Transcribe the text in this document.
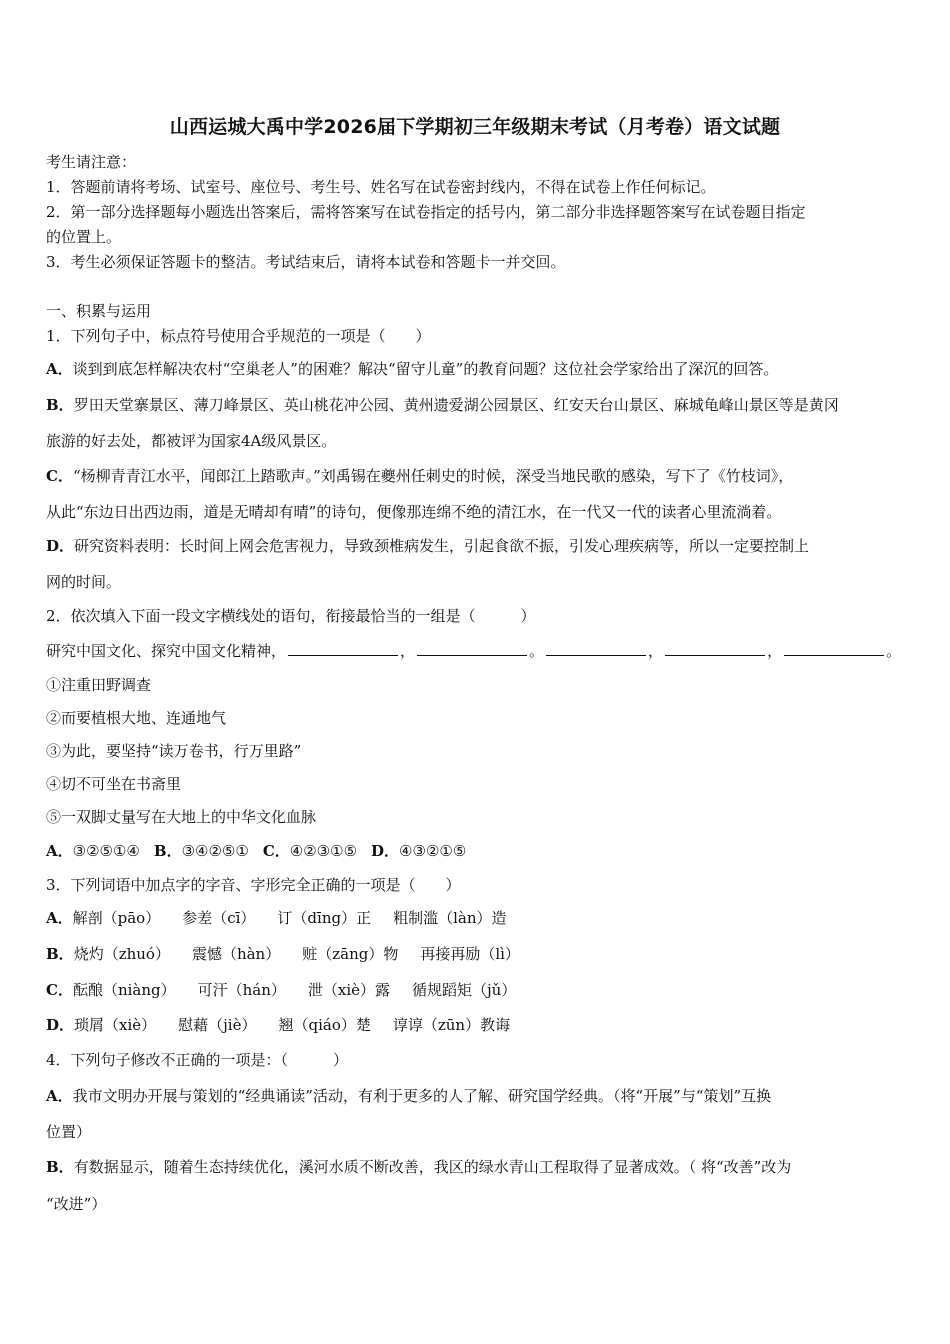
山西运城大禹中学2026届下学期初三年级期末考试（月考卷）语文试题
考生请注意：
1．答题前请将考场、试室号、座位号、考生号、姓名写在试卷密封线内，不得在试卷上作任何标记。
2．第一部分选择题每小题选出答案后，需将答案写在试卷指定的括号内，第二部分非选择题答案写在试卷题目指定
的位置上。
3．考生必须保证答题卡的整洁。考试结束后，请将本试卷和答题卡一并交回。
一、积累与运用
1．下列句子中，标点符号使用合乎规范的一项是（　　）
A．谈到到底怎样解决农村“空巢老人”的困难？解决“留守儿童”的教育问题？这位社会学家给出了深沉的回答。
B．罗田天堂寨景区、薄刀峰景区、英山桃花冲公园、黄州遗爱湖公园景区、红安天台山景区、麻城龟峰山景区等是黄冈
旅游的好去处，都被评为国家4A级风景区。
C．“杨柳青青江水平，闻郎江上踏歌声。”刘禹锡在夔州任刺史的时候，深受当地民歌的感染，写下了《竹枝词》，
从此“东边日出西边雨，道是无晴却有晴”的诗句，便像那连绵不绝的清江水，在一代又一代的读者心里流淌着。
D．研究资料表明：长时间上网会危害视力，导致颈椎病发生，引起食欲不振，引发心理疾病等，所以一定要控制上
网的时间。
2．依次填入下面一段文字横线处的语句，衔接最恰当的一组是（　　　）
研究中国文化、探究中国文化精神，	，	。	，	，	。
①注重田野调查
②而要植根大地、连通地气
③为此，要坚持“读万卷书，行万里路”
④切不可坐在书斋里
⑤一双脚丈量写在大地上的中华文化血脉
A．③②⑤①④ B．③④②⑤① C．④②③①⑤ D．④③②①⑤
3．下列词语中加点字的字音、字形完全正确的一项是（　　）
A．解剖（pāo） 参差（cī） 订（dīng）正 粗制滥（làn）造
B．烧灼（zhuó） 震憾（hàn） 赃（zāng）物 再接再励（lì）
C．酝酿（niàng） 可汗（hán） 泄（xiè）露 循规蹈矩（jǔ）
D．琐屑（xiè） 慰藉（jiè） 翘（qiáo）楚 谆谆（zūn）教诲
4．下列句子修改不正确的一项是：（　　　）
A．我市文明办开展与策划的“经典诵读”活动，有利于更多的人了解、研究国学经典。（将“开展”与“策划”互换
位置）
B．有数据显示，随着生态持续优化，溪河水质不断改善，我区的绿水青山工程取得了显著成效。（ 将“改善”改为
“改进”）
